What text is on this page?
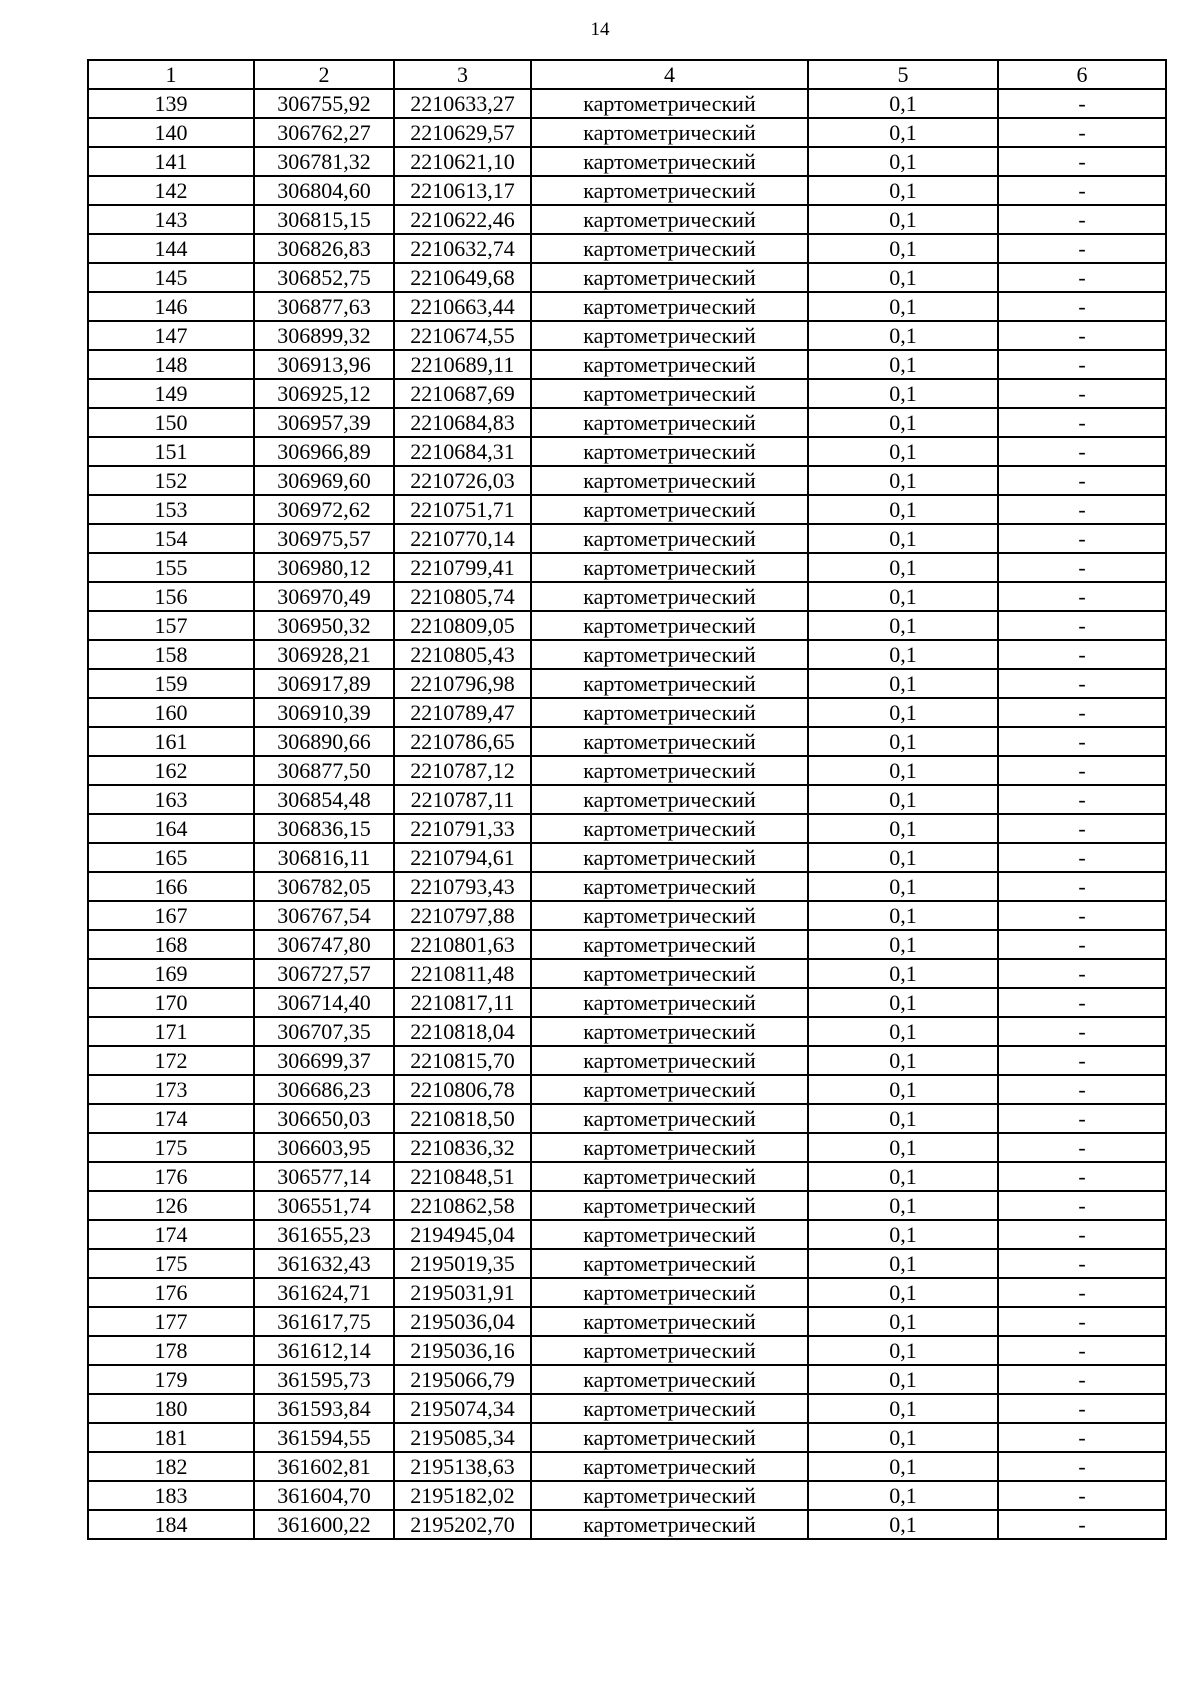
14
1	2	3	4	5	6
139	306755,92	2210633,27	картометрический	0,1	-
140	306762,27	2210629,57	картометрический	0,1	-
141	306781,32	2210621,10	картометрический	0,1	-
142	306804,60	2210613,17	картометрический	0,1	-
143	306815,15	2210622,46	картометрический	0,1	-
144	306826,83	2210632,74	картометрический	0,1	-
145	306852,75	2210649,68	картометрический	0,1	-
146	306877,63	2210663,44	картометрический	0,1	-
147	306899,32	2210674,55	картометрический	0,1	-
148	306913,96	2210689,11	картометрический	0,1	-
149	306925,12	2210687,69	картометрический	0,1	-
150	306957,39	2210684,83	картометрический	0,1	-
151	306966,89	2210684,31	картометрический	0,1	-
152	306969,60	2210726,03	картометрический	0,1	-
153	306972,62	2210751,71	картометрический	0,1	-
154	306975,57	2210770,14	картометрический	0,1	-
155	306980,12	2210799,41	картометрический	0,1	-
156	306970,49	2210805,74	картометрический	0,1	-
157	306950,32	2210809,05	картометрический	0,1	-
158	306928,21	2210805,43	картометрический	0,1	-
159	306917,89	2210796,98	картометрический	0,1	-
160	306910,39	2210789,47	картометрический	0,1	-
161	306890,66	2210786,65	картометрический	0,1	-
162	306877,50	2210787,12	картометрический	0,1	-
163	306854,48	2210787,11	картометрический	0,1	-
164	306836,15	2210791,33	картометрический	0,1	-
165	306816,11	2210794,61	картометрический	0,1	-
166	306782,05	2210793,43	картометрический	0,1	-
167	306767,54	2210797,88	картометрический	0,1	-
168	306747,80	2210801,63	картометрический	0,1	-
169	306727,57	2210811,48	картометрический	0,1	-
170	306714,40	2210817,11	картометрический	0,1	-
171	306707,35	2210818,04	картометрический	0,1	-
172	306699,37	2210815,70	картометрический	0,1	-
173	306686,23	2210806,78	картометрический	0,1	-
174	306650,03	2210818,50	картометрический	0,1	-
175	306603,95	2210836,32	картометрический	0,1	-
176	306577,14	2210848,51	картометрический	0,1	-
126	306551,74	2210862,58	картометрический	0,1	-
174	361655,23	2194945,04	картометрический	0,1	-
175	361632,43	2195019,35	картометрический	0,1	-
176	361624,71	2195031,91	картометрический	0,1	-
177	361617,75	2195036,04	картометрический	0,1	-
178	361612,14	2195036,16	картометрический	0,1	-
179	361595,73	2195066,79	картометрический	0,1	-
180	361593,84	2195074,34	картометрический	0,1	-
181	361594,55	2195085,34	картометрический	0,1	-
182	361602,81	2195138,63	картометрический	0,1	-
183	361604,70	2195182,02	картометрический	0,1	-
184	361600,22	2195202,70	картометрический	0,1	-
